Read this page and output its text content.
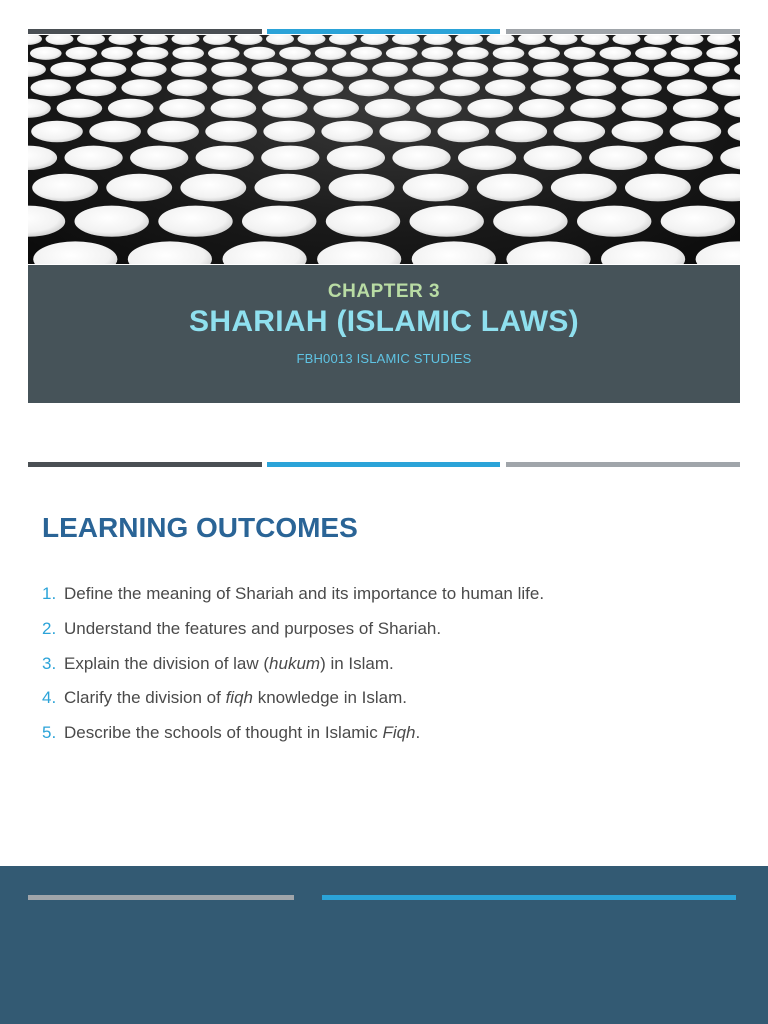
CHAPTER 3
SHARIAH (ISLAMIC LAWS)
FBH0013 ISLAMIC STUDIES
LEARNING OUTCOMES
1. Define the meaning of Shariah and its importance to human life.
2. Understand the features and purposes of Shariah.
3. Explain the division of law (hukum) in Islam.
4. Clarify the division of fiqh knowledge in Islam.
5. Describe the schools of thought in Islamic Fiqh.
